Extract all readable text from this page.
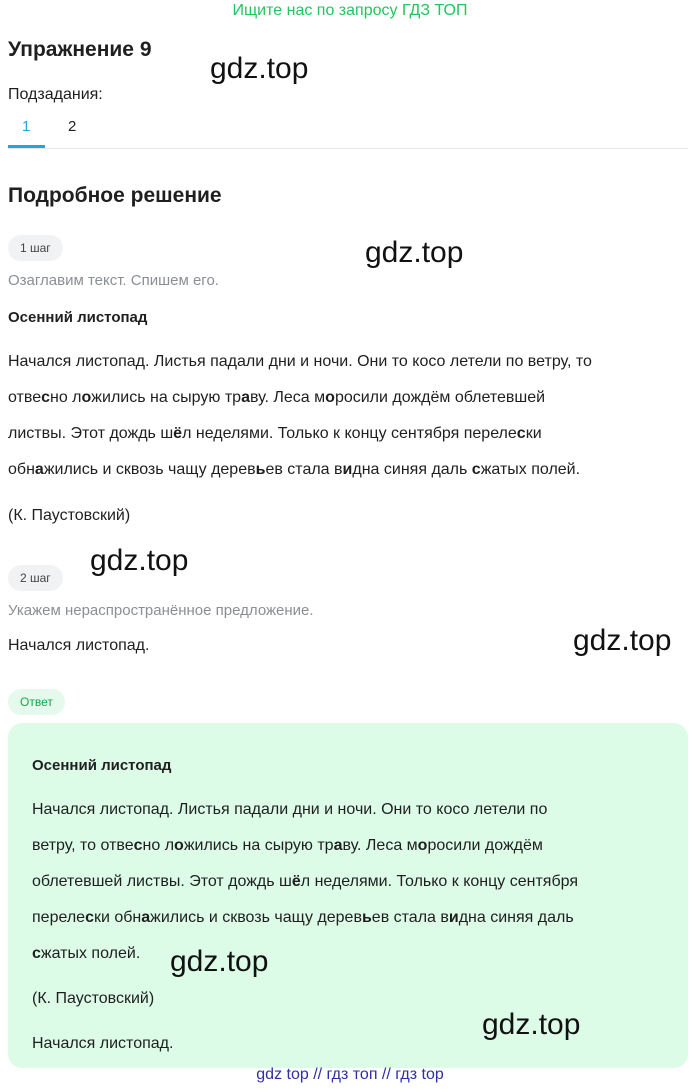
Ищите нас по запросу ГДЗ ТОП
Упражнение 9
Подзадания:
1	2
Подробное решение
1 шаг
Озаглавим текст. Спишем его.
Осенний листопад
Начался листопад. Листья падали дни и ночи. Они то косо летели по ветру, то
отвесно ложились на сырую траву. Леса моросили дождём облетевшей
листвы. Этот дождь шёл неделями. Только к концу сентября перелески
обнажились и сквозь чащу деревьев стала видна синяя даль сжатых полей.
(К. Паустовский)
2 шаг
Укажем нераспространённое предложение.
Начался листопад.
Ответ
Осенний листопад
Начался листопад. Листья падали дни и ночи. Они то косо летели по
ветру, то отвесно ложились на сырую траву. Леса моросили дождём
облетевшей листвы. Этот дождь шёл неделями. Только к концу сентября
перелески обнажились и сквозь чащу деревьев стала видна синяя даль
сжатых полей.
(К. Паустовский)
Начался листопад.
gdz.top
gdz.top
gdz.top
gdz.top
gdz.top
gdz.top
gdz top // гдз топ // гдз top
